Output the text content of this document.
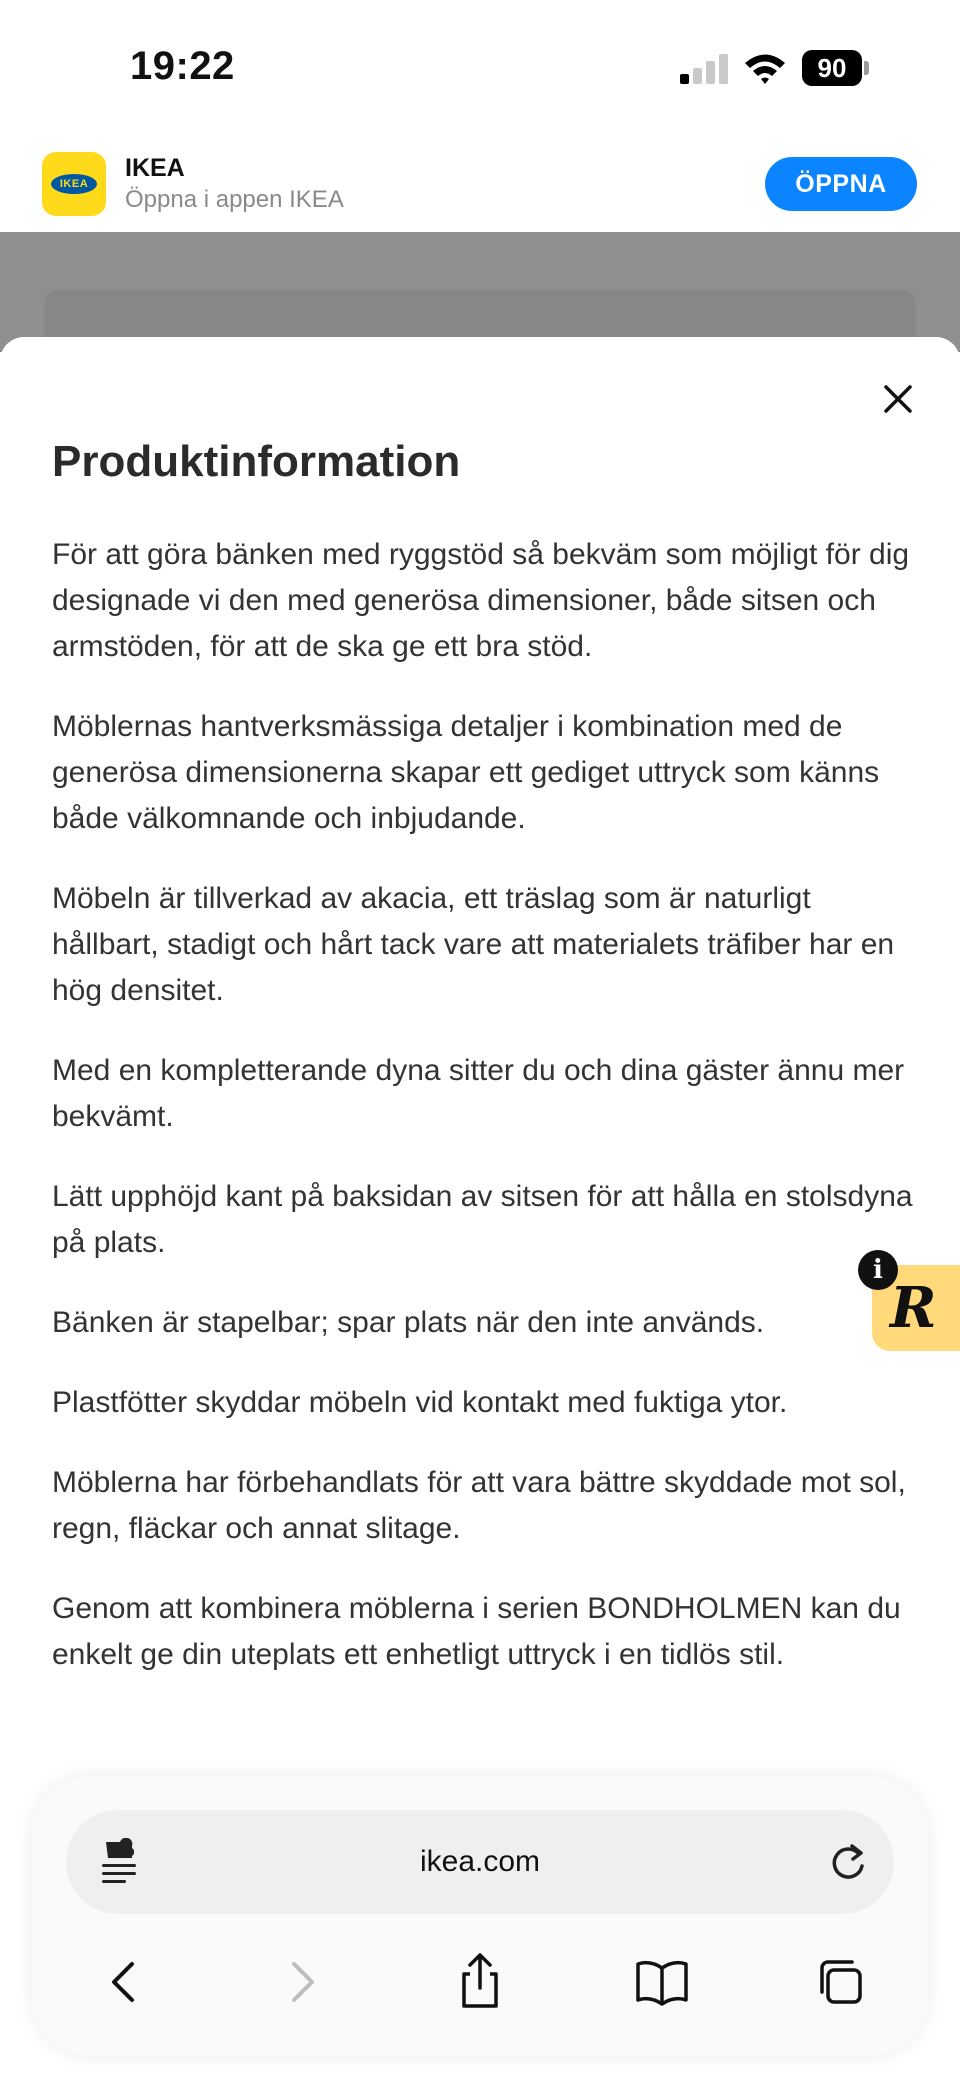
19:22	90
IKEA
IKEA
Öppna i appen IKEA
ÖPPNA
Produktinformation

För att göra bänken med ryggstöd så bekväm som möjligt för dig designade vi den med generösa dimensioner, både sitsen och armstöden, för att de ska ge ett bra stöd.

Möblernas hantverksmässiga detaljer i kombination med de generösa dimensionerna skapar ett gediget uttryck som känns både välkomnande och inbjudande.

Möbeln är tillverkad av akacia, ett träslag som är naturligt hållbart, stadigt och hårt tack vare att materialets träfiber har en hög densitet.

Med en kompletterande dyna sitter du och dina gäster ännu mer bekvämt.

Lätt upphöjd kant på baksidan av sitsen för att hålla en stolsdyna på plats.

Bänken är stapelbar; spar plats när den inte används.

Plastfötter skyddar möbeln vid kontakt med fuktiga ytor.

Möblerna har förbehandlats för att vara bättre skyddade mot sol, regn, fläckar och annat slitage.

Genom att kombinera möblerna i serien BONDHOLMEN kan du enkelt ge din uteplats ett enhetligt uttryck i en tidlös stil.

R
i
ikea.com
